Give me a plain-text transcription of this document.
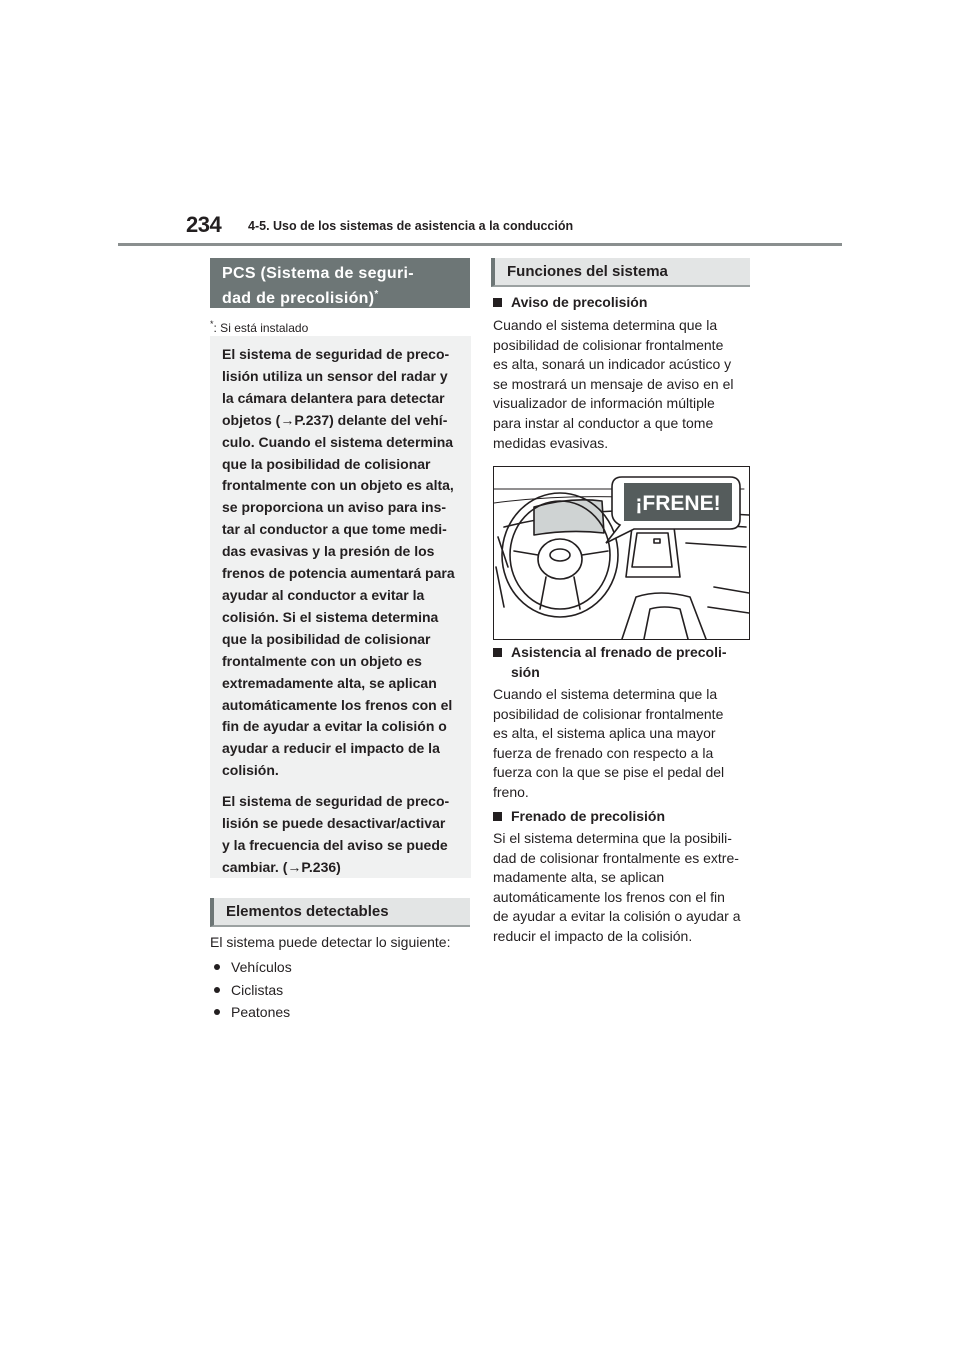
234 4-5. Uso de los sistemas de asistencia a la conducción
PCS (Sistema de seguri-
dad de precolisión)*
*: Si está instalado

El sistema de seguridad de preco-
lisión utiliza un sensor del radar y
la cámara delantera para detectar
objetos (→P.237) delante del vehí-
culo. Cuando el sistema determina
que la posibilidad de colisionar
frontalmente con un objeto es alta,
se proporciona un aviso para ins-
tar al conductor a que tome medi-
das evasivas y la presión de los
frenos de potencia aumentará para
ayudar al conductor a evitar la
colisión. Si el sistema determina
que la posibilidad de colisionar
frontalmente con un objeto es
extremadamente alta, se aplican
automáticamente los frenos con el
fin de ayudar a evitar la colisión o
ayudar a reducir el impacto de la
colisión.

El sistema de seguridad de preco-
lisión se puede desactivar/activar
y la frecuencia del aviso se puede
cambiar. (→P.236)

Elementos detectables

El sistema puede detectar lo siguiente:

Vehículos
Ciclistas
Peatones
Funciones del sistema
Aviso de precolisión

Cuando el sistema determina que la
posibilidad de colisionar frontalmente
es alta, sonará un indicador acústico y
se mostrará un mensaje de aviso en el
visualizador de información múltiple
para instar al conductor a que tome
medidas evasivas.

¡FRENE!
Asistencia al frenado de precoli-
sión

Cuando el sistema determina que la
posibilidad de colisionar frontalmente
es alta, el sistema aplica una mayor
fuerza de frenado con respecto a la
fuerza con la que se pise el pedal del
freno.

Frenado de precolisión

Si el sistema determina que la posibili-
dad de colisionar frontalmente es extre-
madamente alta, se aplican
automáticamente los frenos con el fin
de ayudar a evitar la colisión o ayudar a
reducir el impacto de la colisión.
